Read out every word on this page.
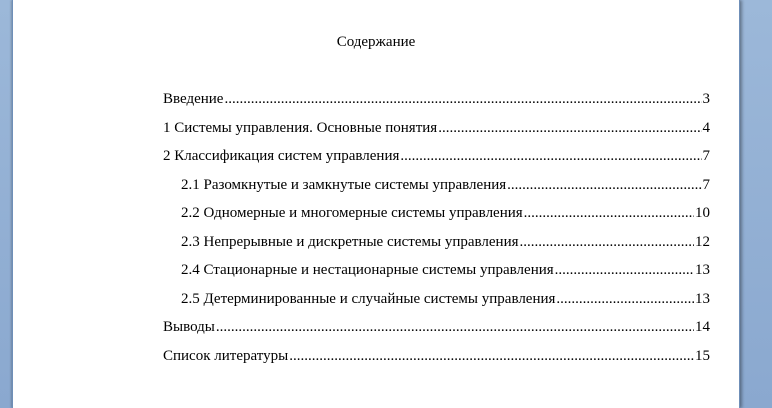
Содержание
Введение .....	3
1 Системы управления. Основные понятия .....	4
2 Классификация систем управления .....	7
2.1 Разомкнутые и замкнутые системы управления .....	7
2.2 Одномерные и многомерные системы управления .....	10
2.3 Непрерывные и дискретные системы управления .....	12
2.4 Стационарные и нестационарные системы управления .....	13
2.5 Детерминированные и случайные системы управления .....	13
Выводы .....	14
Список литературы .....	15
